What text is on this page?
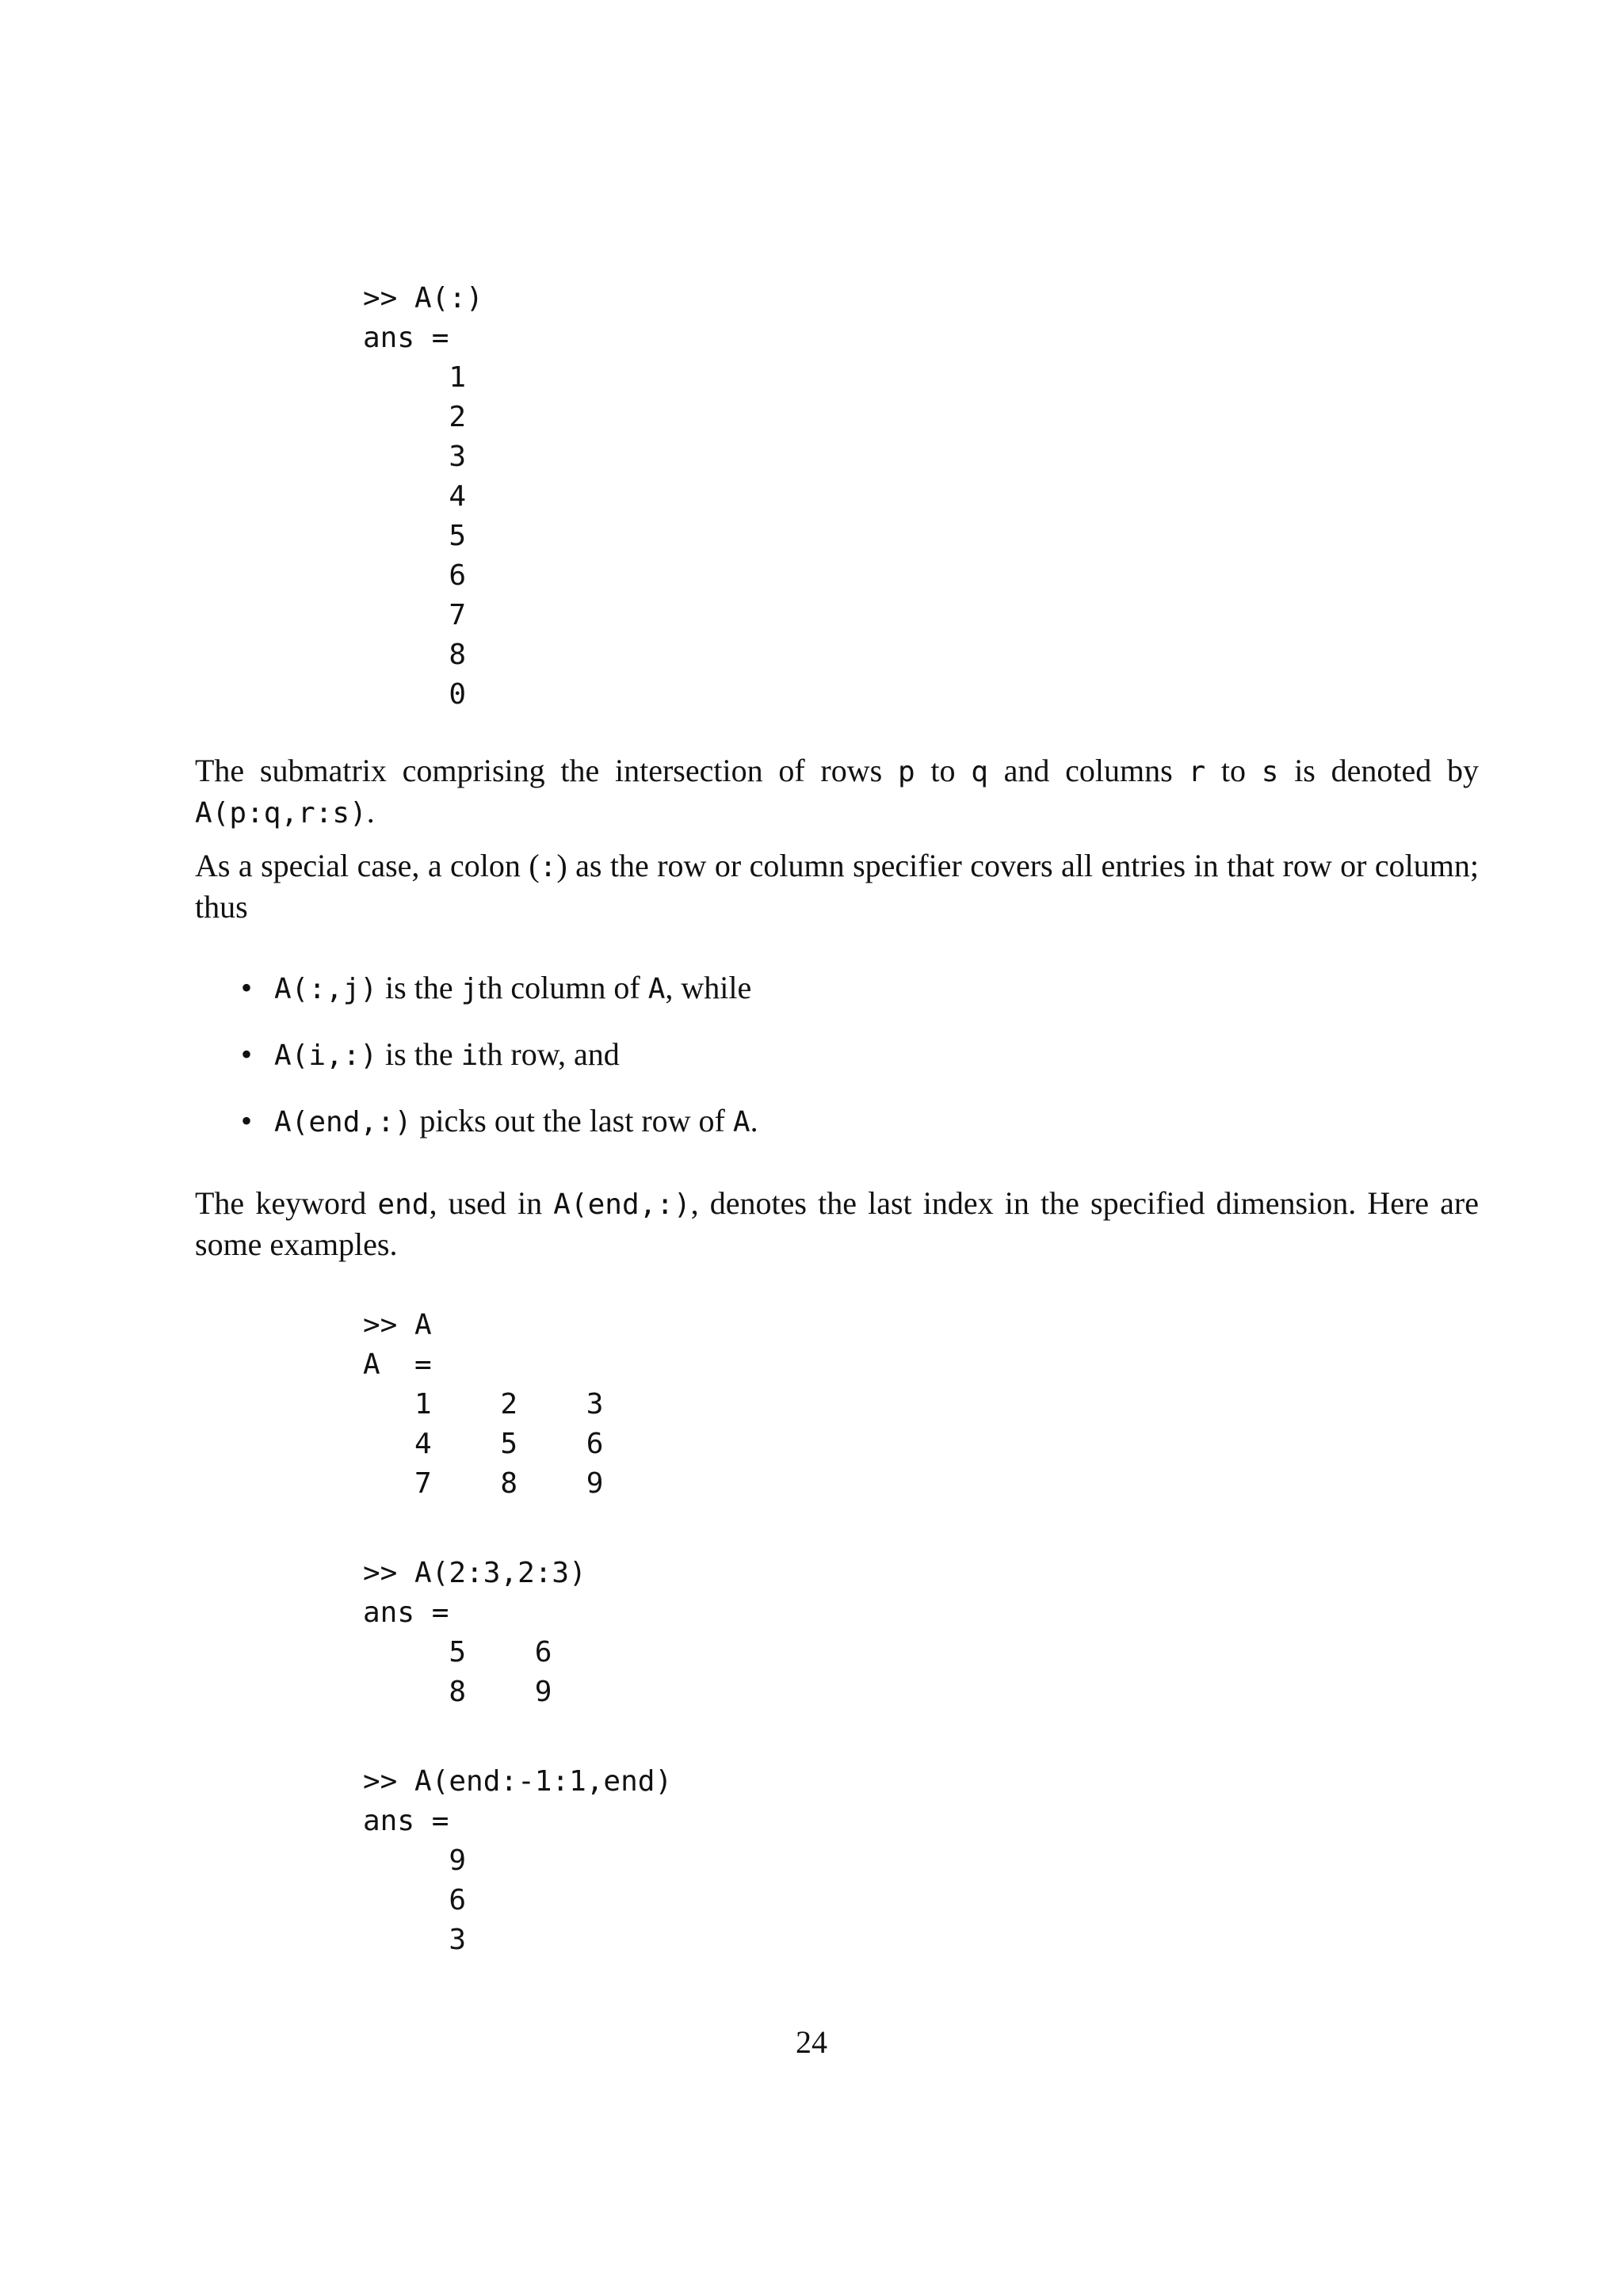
>> A(:)
ans =
1
2
3
4
5
6
7
8
0

The submatrix comprising the intersection of rows p to q and columns r to s is denoted by A(p:q,r:s).

As a special case, a colon (:) as the row or column specifier covers all entries in that row or column; thus

• A(:,j) is the jth column of A, while

• A(i,:) is the ith row, and

• A(end,:) picks out the last row of A.

The keyword end, used in A(end,:), denotes the last index in the specified dimension. Here are some examples.

>> A
A  =
1    2    3
4    5    6
7    8    9
>> A(2:3,2:3)
ans =
5    6
8    9
>> A(end:-1:1,end)
ans =
9
6
3
24
